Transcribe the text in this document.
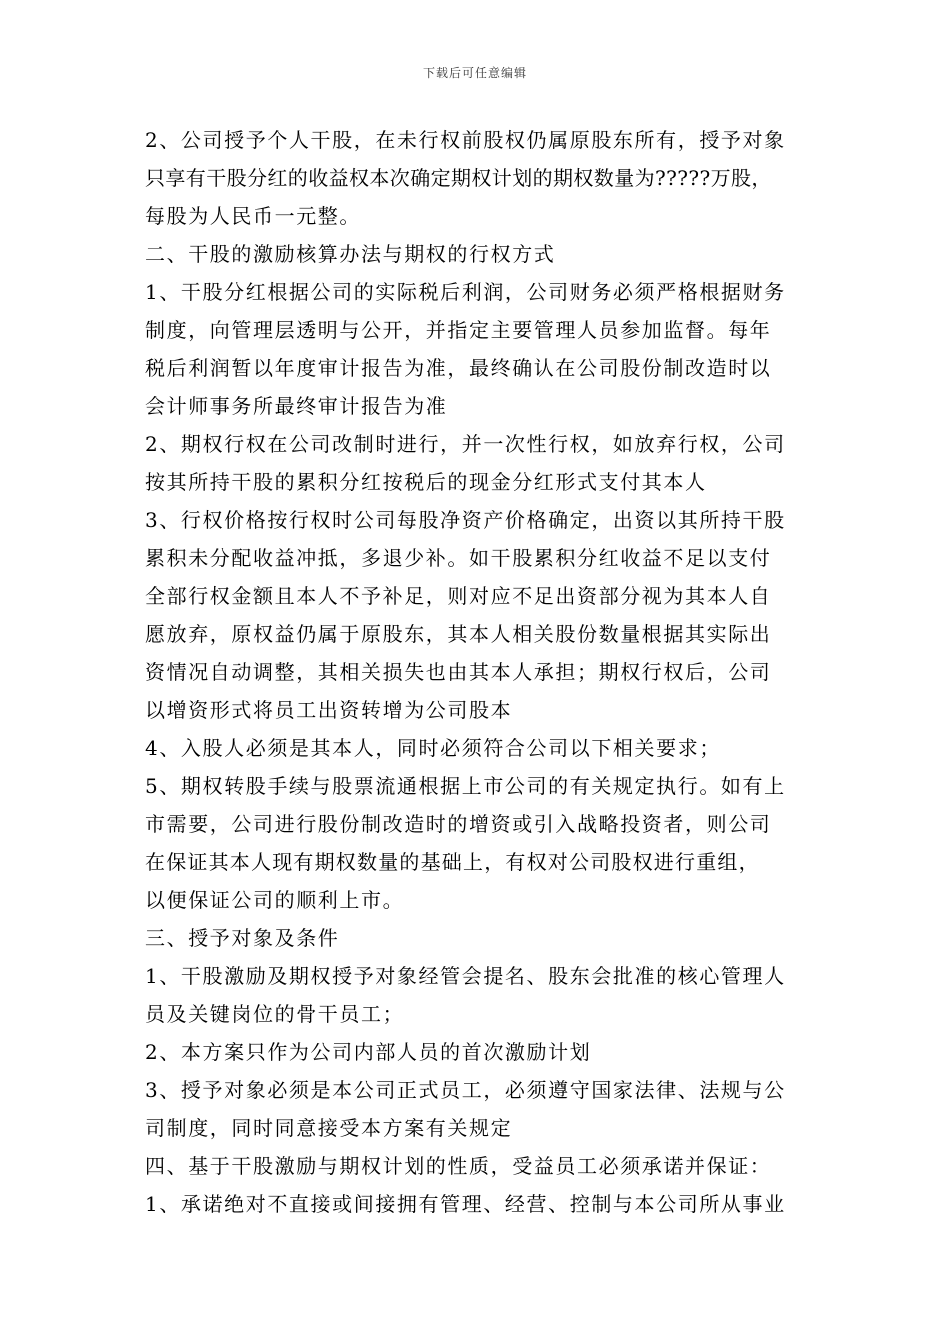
下载后可任意编辑
2、公司授予个人干股，在未行权前股权仍属原股东所有，授予对象
只享有干股分红的收益权本次确定期权计划的期权数量为?????万股，
每股为人民币一元整。
二、干股的激励核算办法与期权的行权方式
1、干股分红根据公司的实际税后利润，公司财务必须严格根据财务
制度，向管理层透明与公开，并指定主要管理人员参加监督。每年
税后利润暂以年度审计报告为准，最终确认在公司股份制改造时以
会计师事务所最终审计报告为准
2、期权行权在公司改制时进行，并一次性行权，如放弃行权，公司
按其所持干股的累积分红按税后的现金分红形式支付其本人
3、行权价格按行权时公司每股净资产价格确定，出资以其所持干股
累积未分配收益冲抵，多退少补。如干股累积分红收益不足以支付
全部行权金额且本人不予补足，则对应不足出资部分视为其本人自
愿放弃，原权益仍属于原股东，其本人相关股份数量根据其实际出
资情况自动调整，其相关损失也由其本人承担；期权行权后，公司
以增资形式将员工出资转增为公司股本
4、入股人必须是其本人，同时必须符合公司以下相关要求；
5、期权转股手续与股票流通根据上市公司的有关规定执行。如有上
市需要，公司进行股份制改造时的增资或引入战略投资者，则公司
在保证其本人现有期权数量的基础上，有权对公司股权进行重组，
以便保证公司的顺利上市。
三、授予对象及条件
1、干股激励及期权授予对象经管会提名、股东会批准的核心管理人
员及关键岗位的骨干员工；
2、本方案只作为公司内部人员的首次激励计划
3、授予对象必须是本公司正式员工，必须遵守国家法律、法规与公
司制度，同时同意接受本方案有关规定
四、基于干股激励与期权计划的性质，受益员工必须承诺并保证：
1、承诺绝对不直接或间接拥有管理、经营、控制与本公司所从事业
